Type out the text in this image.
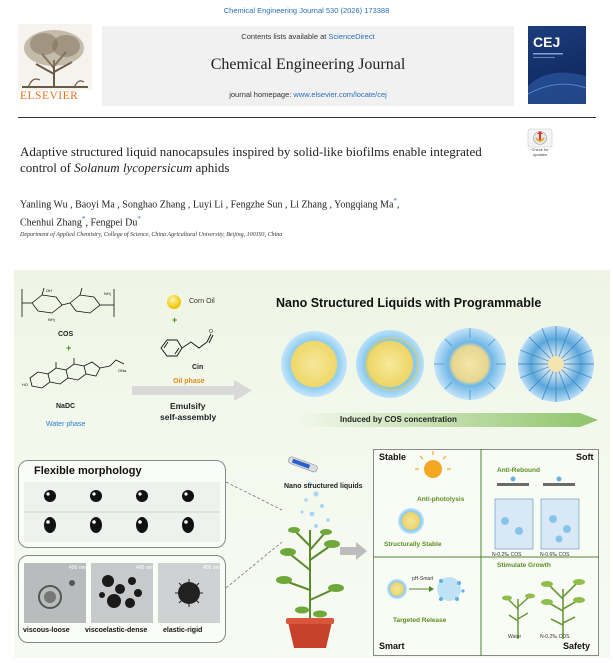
Chemical Engineering Journal 530 (2026) 173388
ELSEVIER
Contents lists available at ScienceDirect
Chemical Engineering Journal
journal homepage: www.elsevier.com/locate/cej
CEJ
Check for updates
Adaptive structured liquid nanocapsules inspired by solid-like biofilms enable integrated control of Solanum lycopersicum aphids
Yanling Wu , Baoyi Ma , Songhao Zhang , Luyi Li , Fengzhe Sun , Li Zhang , Yongqiang Ma*,
Chenhui Zhang*, Fengpei Du*
Department of Applied Chemistry, College of Science, China Agricultural University, Beijing, 100193, China
OH
NH₂
NH₂
COS
+
HO
ONa
NaDC
Water phase
Corn Oil
+
O
Cin
Oil phase
Emulsify
self-assembly
Nano Structured Liquids with Programmable
Induced by COS concentration
Flexible morphology
400 nm	400 nm	400 nm
viscous-loose viscoelastic-dense elastic-rigid
Nano structured liquids
Stable	Soft
Smart	Safety
Anti-photolysis
Structurally Stable
Anti-Rebound
N-0.2‰ COS	N-0.6‰ COS
pH-Smart
Targeted Release
Stimulate Growth
Water	N-0.2‰ COS
